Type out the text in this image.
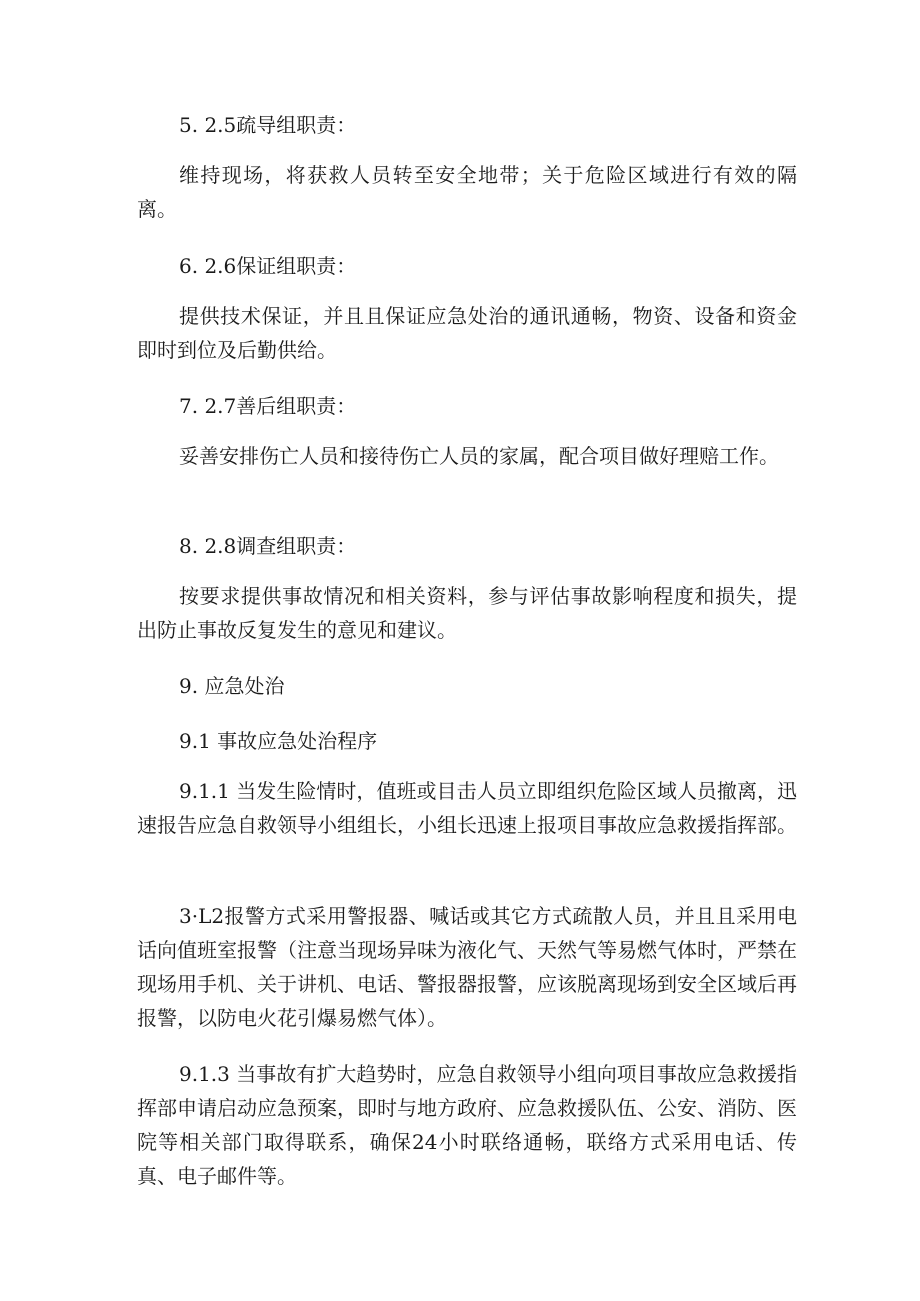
5. 2.5疏导组职责：

维持现场，将获救人员转至安全地带；关于危险区域进行有效的隔离。

6. 2.6保证组职责：

提供技术保证，并且且保证应急处治的通讯通畅，物资、设备和资金即时到位及后勤供给。

7. 2.7善后组职责：

妥善安排伤亡人员和接待伤亡人员的家属，配合项目做好理赔工作。

8. 2.8调查组职责：

按要求提供事故情况和相关资料，参与评估事故影响程度和损失，提出防止事故反复发生的意见和建议。

9. 应急处治

9.1 事故应急处治程序

9.1.1 当发生险情时，值班或目击人员立即组织危险区域人员撤离，迅速报告应急自救领导小组组长，小组长迅速上报项目事故应急救援指挥部。

3·L2报警方式采用警报器、喊话或其它方式疏散人员，并且且采用电话向值班室报警（注意当现场异味为液化气、天然气等易燃气体时，严禁在现场用手机、关于讲机、电话、警报器报警，应该脱离现场到安全区域后再报警，以防电火花引爆易燃气体）。

9.1.3 当事故有扩大趋势时，应急自救领导小组向项目事故应急救援指挥部申请启动应急预案，即时与地方政府、应急救援队伍、公安、消防、医院等相关部门取得联系，确保24小时联络通畅，联络方式采用电话、传真、电子邮件等。
